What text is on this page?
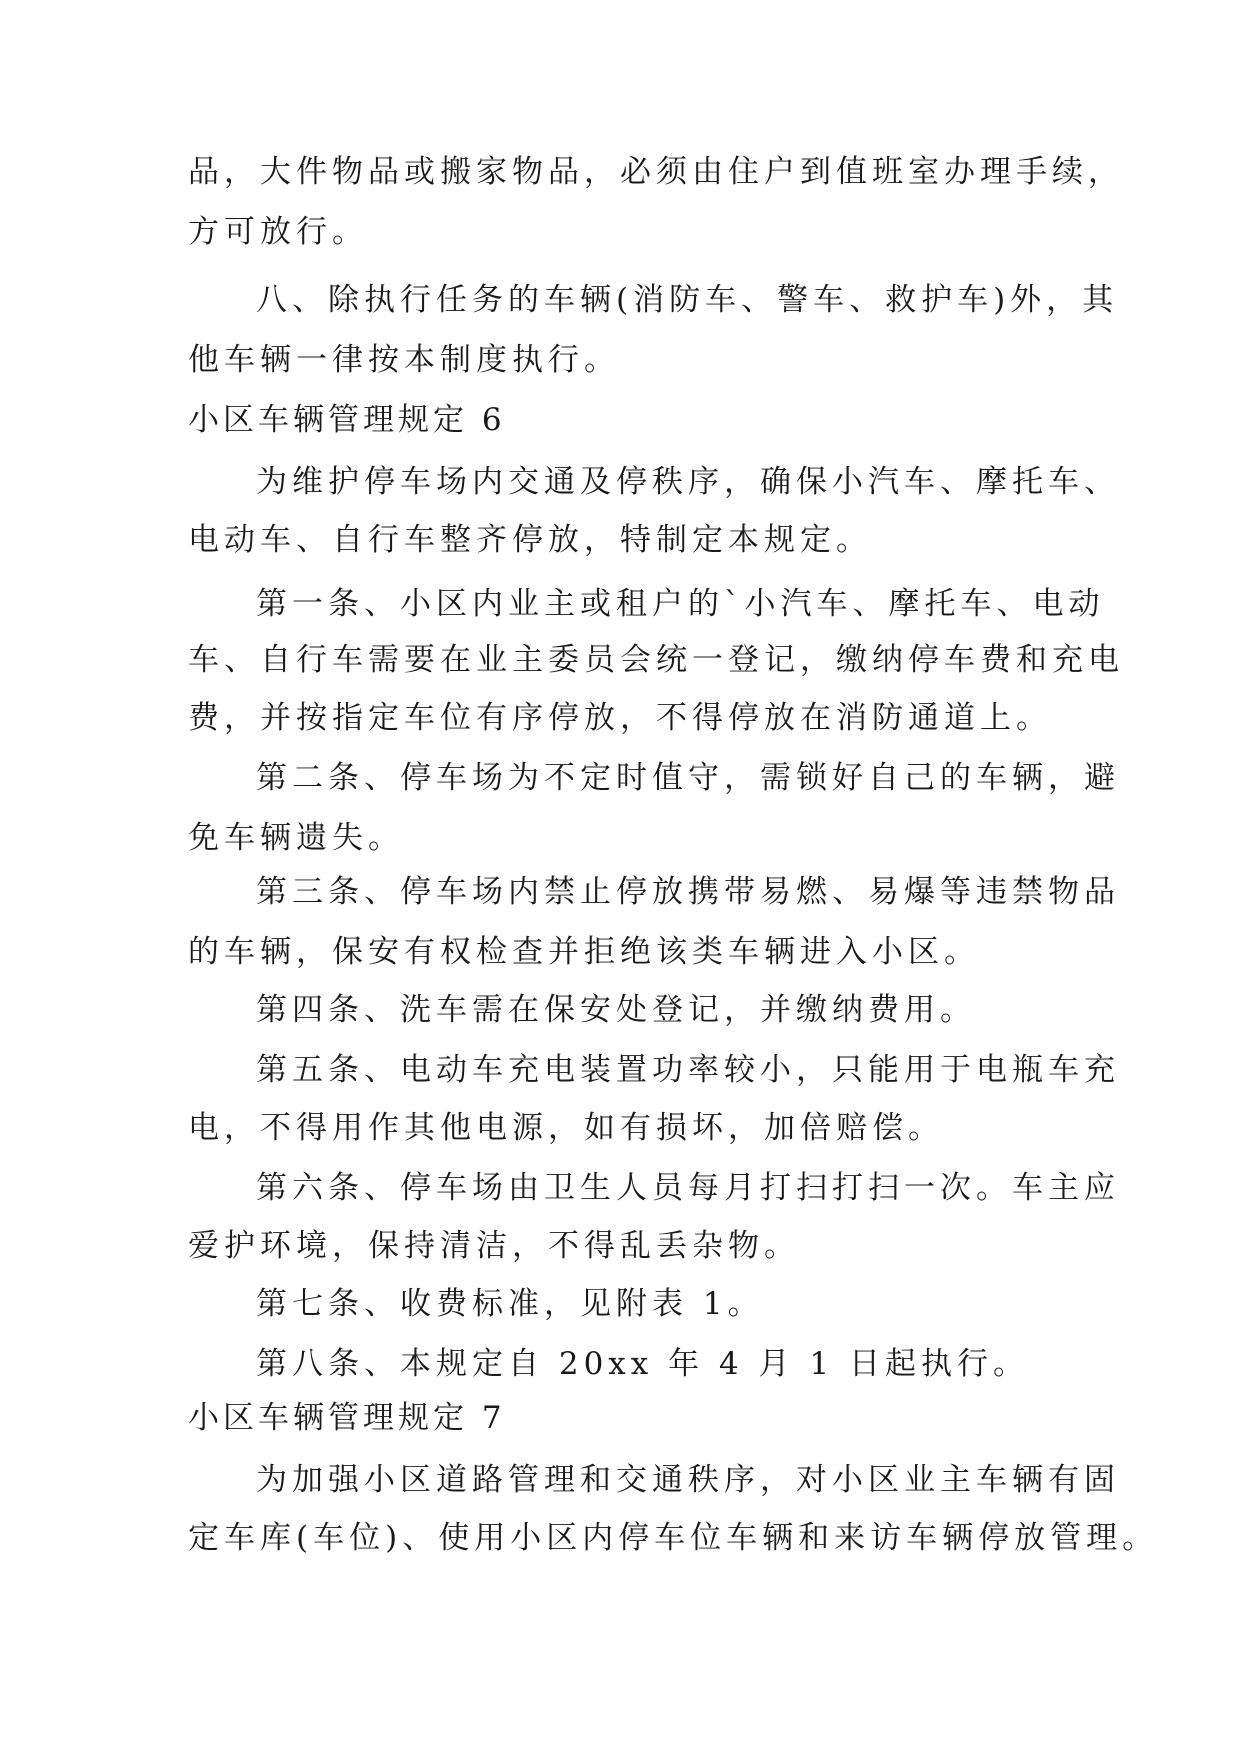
品，大件物品或搬家物品，必须由住户到值班室办理手续，

方可放行。

八、除执行任务的车辆(消防车、警车、救护车)外，其

他车辆一律按本制度执行。

小区车辆管理规定 6

为维护停车场内交通及停秩序，确保小汽车、摩托车、

电动车、自行车整齐停放，特制定本规定。

第一条、小区内业主或租户的`小汽车、摩托车、电动

车、自行车需要在业主委员会统一登记，缴纳停车费和充电

费，并按指定车位有序停放，不得停放在消防通道上。

第二条、停车场为不定时值守，需锁好自己的车辆，避

免车辆遗失。

第三条、停车场内禁止停放携带易燃、易爆等违禁物品

的车辆，保安有权检查并拒绝该类车辆进入小区。

第四条、洗车需在保安处登记，并缴纳费用。

第五条、电动车充电装置功率较小，只能用于电瓶车充

电，不得用作其他电源，如有损坏，加倍赔偿。

第六条、停车场由卫生人员每月打扫打扫一次。车主应

爱护环境，保持清洁，不得乱丢杂物。

第七条、收费标准，见附表 1。

第八条、本规定自 20xx 年 4 月 1 日起执行。

小区车辆管理规定 7

为加强小区道路管理和交通秩序，对小区业主车辆有固

定车库(车位)、使用小区内停车位车辆和来访车辆停放管理。
